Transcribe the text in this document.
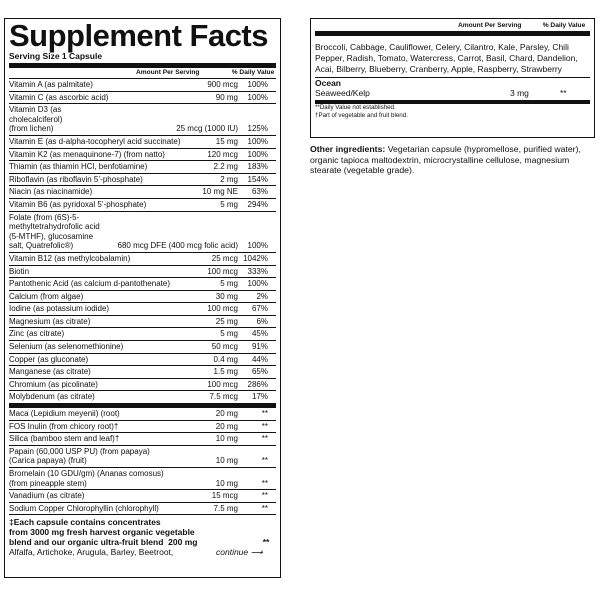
Supplement Facts
Serving Size 1 Capsule
Amount Per Serving	% Daily Value
Vitamin A (as palmitate)	900 mcg	100%
Vitamin C (as ascorbic acid)	90 mg	100%
Vitamin D3 (as cholecalciferol)
(from lichen)	25 mcg (1000 IU)	125%
Vitamin E (as d-alpha-tocopheryl acid succinate)	15 mg	100%
Vitamin K2 (as menaquinone-7) (from natto)	120 mcg	100%
Thiamin (as thiamin HCl, benfotiamine)	2.2 mg	183%
Riboflavin (as riboflavin 5’-phosphate)	2 mg	154%
Niacin (as niacinamide)	10 mg NE	63%
Vitamin B6 (as pyridoxal 5’-phosphate)	5 mg	294%
Folate (from (6S)-5-methyltetrahydrofolic acid
(5-MTHF), glucosamine salt, Quatrefolic®)	680 mcg DFE (400 mcg folic acid)	100%
Vitamin B12 (as methylcobalamin)	25 mcg 1042%
Biotin	100 mcg	333%
Pantothenic Acid (as calcium d-pantothenate)	5 mg	100%
Calcium (from algae)	30 mg	2%
Iodine (as potassium iodide)	100 mcg	67%
Magnesium (as citrate)	25 mg	6%
Zinc (as citrate)	5 mg	45%
Selenium (as selenomethionine)	50 mcg	91%
Copper (as gluconate)	0.4 mg	44%
Manganese (as citrate)	1.5 mg	65%
Chromium (as picolinate)	100 mcg	286%
Molybdenum (as citrate)	7.5 mcg	17%
Maca (Lepidium meyenii) (root)	20 mg	**
FOS Inulin (from chicory root)†	20 mg	**
Silica (bamboo stem and leaf)†	10 mg	**
Papain (60,000 USP PU) (from papaya)
(Carica papaya) (fruit)	10 mg	**
Bromelain (10 GDU/gm) (Ananas comosus)
(from pineapple stem)	10 mg	**
Vanadium (as citrate)	15 mcg	**
Sodium Copper Chlorophyllin (chlorophyll)	7.5 mg	**
‡Each capsule contains concentrates
from 3000 mg fresh harvest organic vegetable
blend and our organic ultra-fruit blend 200 mg	**
Alfalfa, Artichoke, Arugula, Barley, Beetroot,	continue ⟶
Amount Per Serving	% Daily Value
Broccoli, Cabbage, Cauliflower, Celery, Cilantro, Kale, Parsley, Chili Pepper, Radish, Tomato, Watercress, Carrot, Basil, Chard, Dandelion, Acai, Bilberry, Blueberry, Cranberry, Apple, Raspberry, Strawberry
Ocean
Seaweed/Kelp	3 mg	**
**Daily Value not established.
†Part of vegetable and fruit blend.
Other ingredients: Vegetarian capsule (hypromellose, purified water), organic tapioca maltodextrin, microcrystalline cellulose, magnesium stearate (vegetable grade).
